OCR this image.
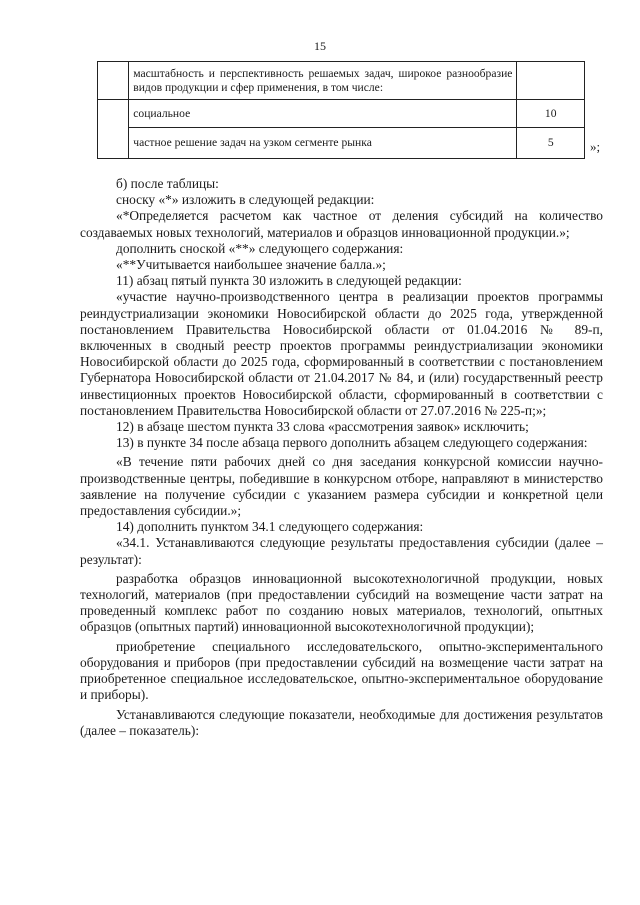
15
	масштабность и перспективность решаемых задач, широкое разнообразие видов продукции и сфер применения, в том числе:	
	социальное	10
	частное решение задач на узком сегменте рынка	5	»;

б) после таблицы:

сноску «*» изложить в следующей редакции:

«*Определяется расчетом как частное от деления субсидий на количество создаваемых новых технологий, материалов и образцов инновационной продукции.»;

дополнить сноской «**» следующего содержания:

«**Учитывается наибольшее значение балла.»;

11) абзац пятый пункта 30 изложить в следующей редакции:

«участие научно-производственного центра в реализации проектов программы реиндустриализации экономики Новосибирской области до 2025 года, утвержденной постановлением Правительства Новосибирской области от 01.04.2016 № 89-п, включенных в сводный реестр проектов программы реиндустриализации экономики Новосибирской области до 2025 года, сформированный в соответствии с постановлением Губернатора Новосибирской области от 21.04.2017 № 84, и (или) государственный реестр инвестиционных проектов Новосибирской области, сформированный в соответствии с постановлением Правительства Новосибирской области от 27.07.2016 № 225-п;»;

12) в абзаце шестом пункта 33 слова «рассмотрения заявок» исключить;

13) в пункте 34 после абзаца первого дополнить абзацем следующего содержания:

«В течение пяти рабочих дней со дня заседания конкурсной комиссии научно-производственные центры, победившие в конкурсном отборе, направляют в министерство заявление на получение субсидии с указанием размера субсидии и конкретной цели предоставления субсидии.»;

14) дополнить пунктом 34.1 следующего содержания:

«34.1. Устанавливаются следующие результаты предоставления субсидии (далее – результат):

разработка образцов инновационной высокотехнологичной продукции, новых технологий, материалов (при предоставлении субсидий на возмещение части затрат на проведенный комплекс работ по созданию новых материалов, технологий, опытных образцов (опытных партий) инновационной высокотехнологичной продукции);

приобретение специального исследовательского, опытно-экспериментального оборудования и приборов (при предоставлении субсидий на возмещение части затрат на приобретенное специальное исследовательское, опытно-экспериментальное оборудование и приборы).

Устанавливаются следующие показатели, необходимые для достижения результатов (далее – показатель):
